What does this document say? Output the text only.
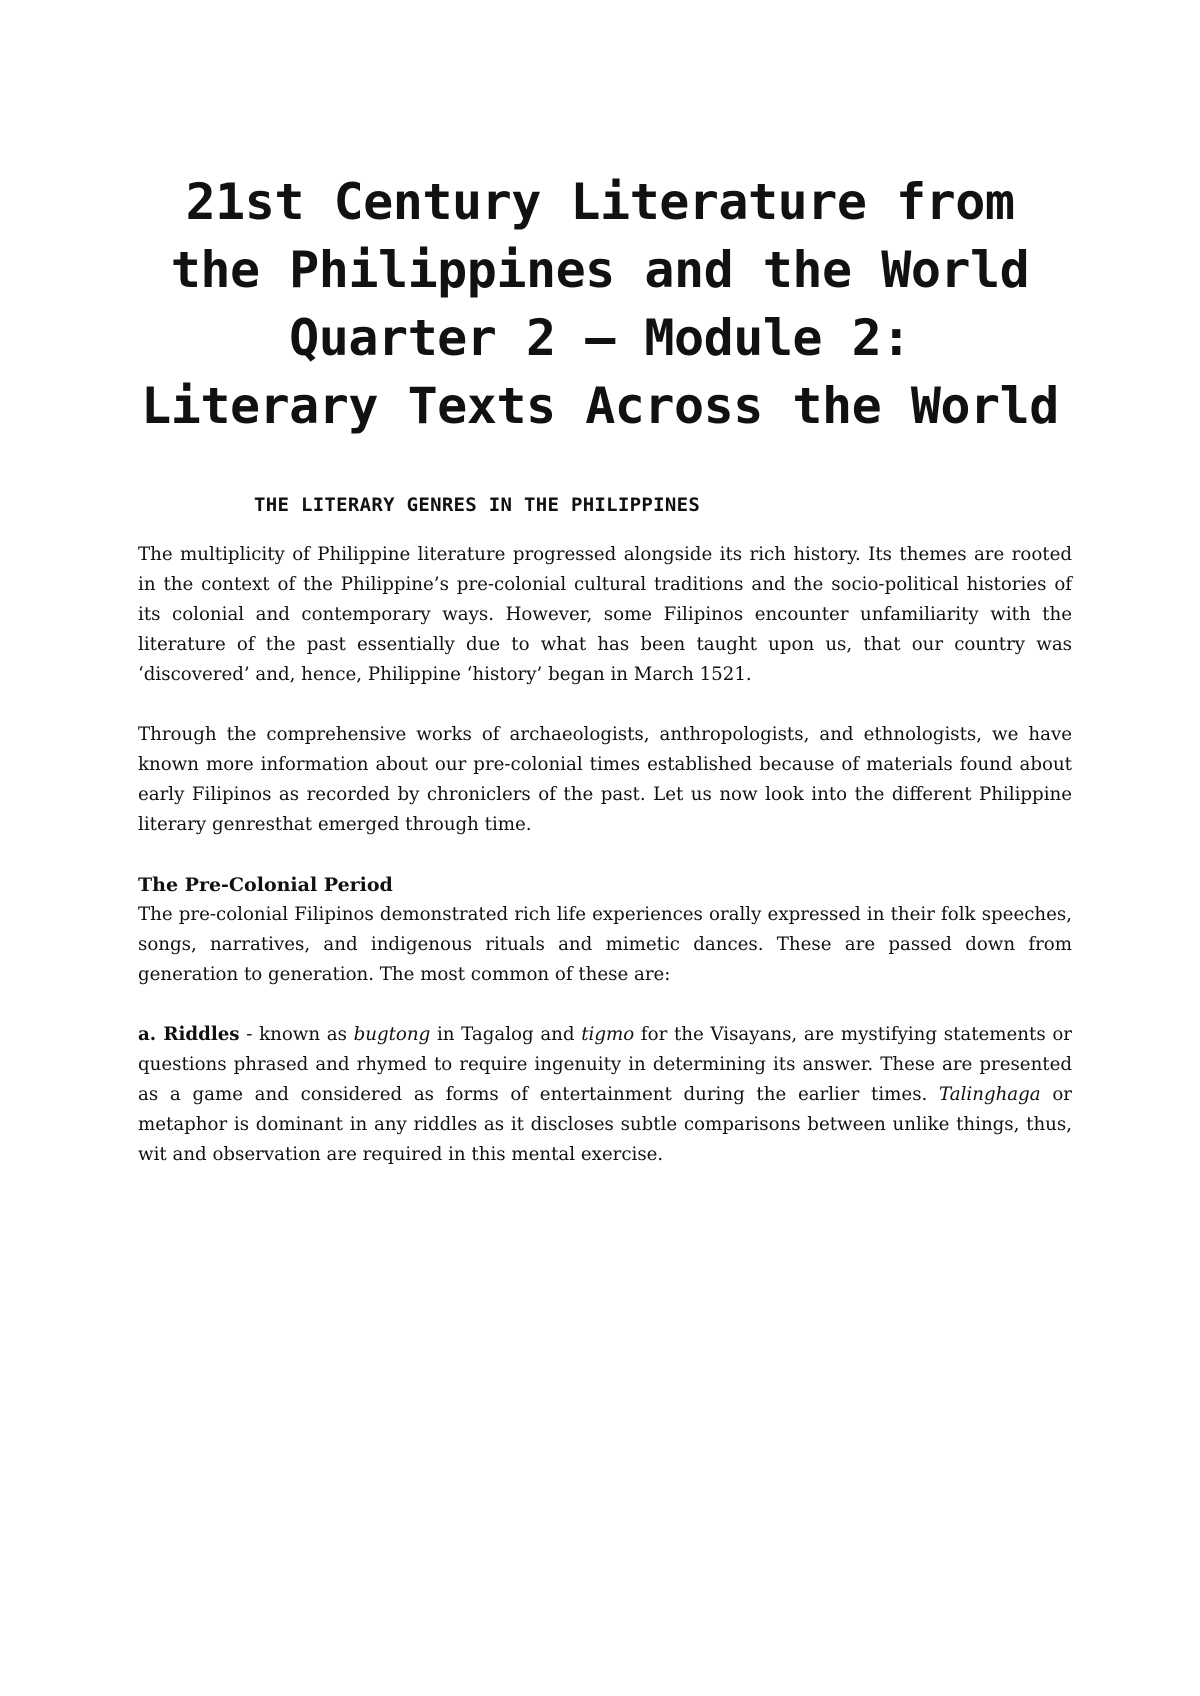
21st Century Literature from
the Philippines and the World
Quarter 2 – Module 2:
Literary Texts Across the World
THE LITERARY GENRES IN THE PHILIPPINES

The multiplicity of Philippine literature progressed alongside its rich history. Its themes are rooted in the context of the Philippine’s pre-colonial cultural traditions and the socio-political histories of its colonial and contemporary ways. However, some Filipinos encounter unfamiliarity with the literature of the past essentially due to what has been taught upon us, that our country was ‘discovered’ and, hence, Philippine ‘history’ began in March 1521.

Through the comprehensive works of archaeologists, anthropologists, and ethnologists, we have known more information about our pre-colonial times established because of materials found about early Filipinos as recorded by chroniclers of the past. Let us now look into the different Philippine literary genresthat emerged through time.

The Pre-Colonial Period

The pre-colonial Filipinos demonstrated rich life experiences orally expressed in their folk speeches, songs, narratives, and indigenous rituals and mimetic dances. These are passed down from generation to generation. The most common of these are:

a. Riddles - known as bugtong in Tagalog and tigmo for the Visayans, are mystifying statements or questions phrased and rhymed to require ingenuity in determining its answer. These are presented as a game and considered as forms of entertainment during the earlier times. Talinghaga or metaphor is dominant in any riddles as it discloses subtle comparisons between unlike things, thus, wit and observation are required in this mental exercise.
